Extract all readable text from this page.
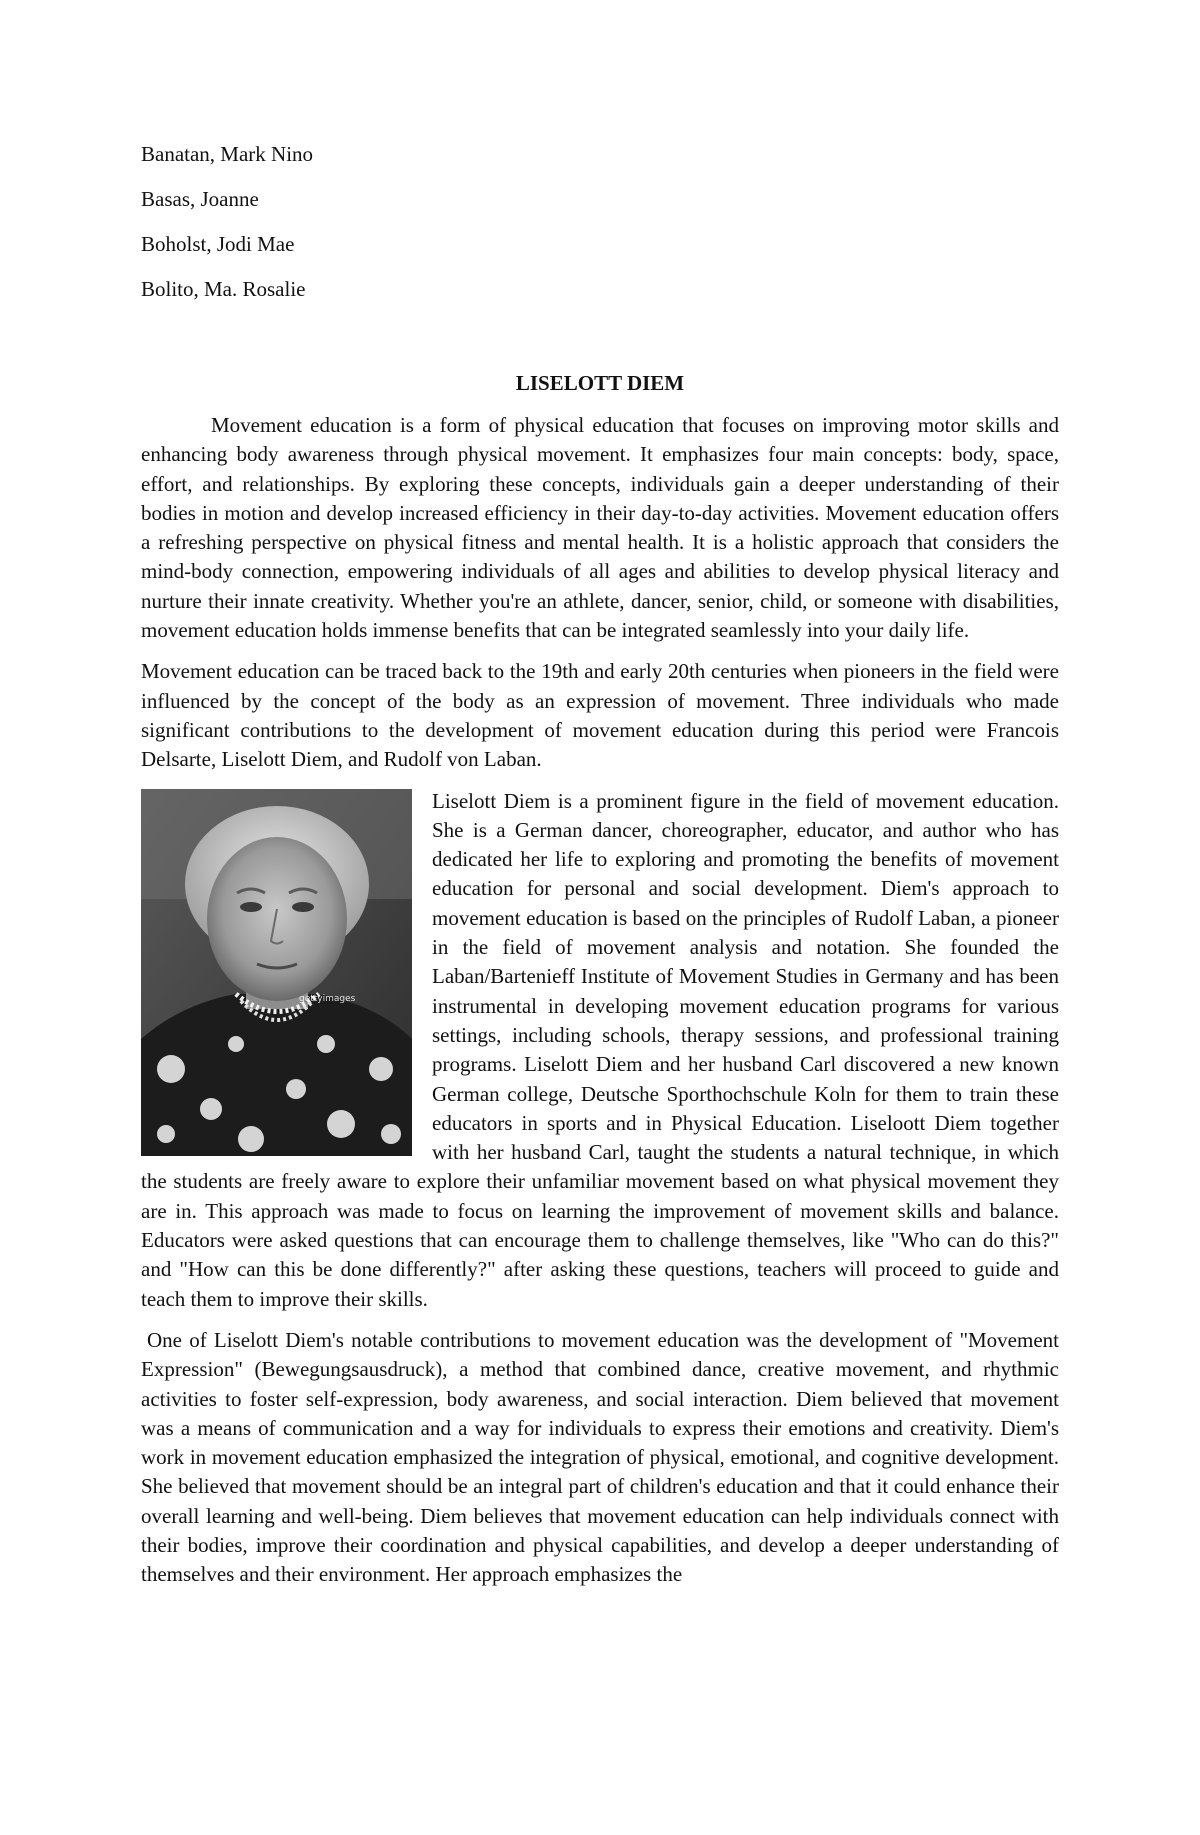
Banatan, Mark Nino
Basas, Joanne
Boholst, Jodi Mae
Bolito, Ma. Rosalie
LISELOTT DIEM

Movement education is a form of physical education that focuses on improving motor skills and enhancing body awareness through physical movement. It emphasizes four main concepts: body, space, effort, and relationships. By exploring these concepts, individuals gain a deeper understanding of their bodies in motion and develop increased efficiency in their day-to-day activities. Movement education offers a refreshing perspective on physical fitness and mental health. It is a holistic approach that considers the mind-body connection, empowering individuals of all ages and abilities to develop physical literacy and nurture their innate creativity. Whether you're an athlete, dancer, senior, child, or someone with disabilities, movement education holds immense benefits that can be integrated seamlessly into your daily life.

Movement education can be traced back to the 19th and early 20th centuries when pioneers in the field were influenced by the concept of the body as an expression of movement. Three individuals who made significant contributions to the development of movement education during this period were Francois Delsarte, Liselott Diem, and Rudolf von Laban.

gettyimages

Liselott Diem is a prominent figure in the field of movement education. She is a German dancer, choreographer, educator, and author who has dedicated her life to exploring and promoting the benefits of movement education for personal and social development. Diem's approach to movement education is based on the principles of Rudolf Laban, a pioneer in the field of movement analysis and notation. She founded the Laban/Bartenieff Institute of Movement Studies in Germany and has been instrumental in developing movement education programs for various settings, including schools, therapy sessions, and professional training programs. Liselott Diem and her husband Carl discovered a new known German college, Deutsche Sporthochschule Koln for them to train these educators in sports and in Physical Education. Liseloott Diem together with her husband Carl, taught the students a natural technique, in which the students are freely aware to explore their unfamiliar movement based on what physical movement they are in. This approach was made to focus on learning the improvement of movement skills and balance. Educators were asked questions that can encourage them to challenge themselves, like "Who can do this?" and "How can this be done differently?" after asking these questions, teachers will proceed to guide and teach them to improve their skills.

One of Liselott Diem's notable contributions to movement education was the development of "Movement Expression" (Bewegungsausdruck), a method that combined dance, creative movement, and rhythmic activities to foster self-expression, body awareness, and social interaction. Diem believed that movement was a means of communication and a way for individuals to express their emotions and creativity. Diem's work in movement education emphasized the integration of physical, emotional, and cognitive development. She believed that movement should be an integral part of children's education and that it could enhance their overall learning and well-being. Diem believes that movement education can help individuals connect with their bodies, improve their coordination and physical capabilities, and develop a deeper understanding of themselves and their environment. Her approach emphasizes the
